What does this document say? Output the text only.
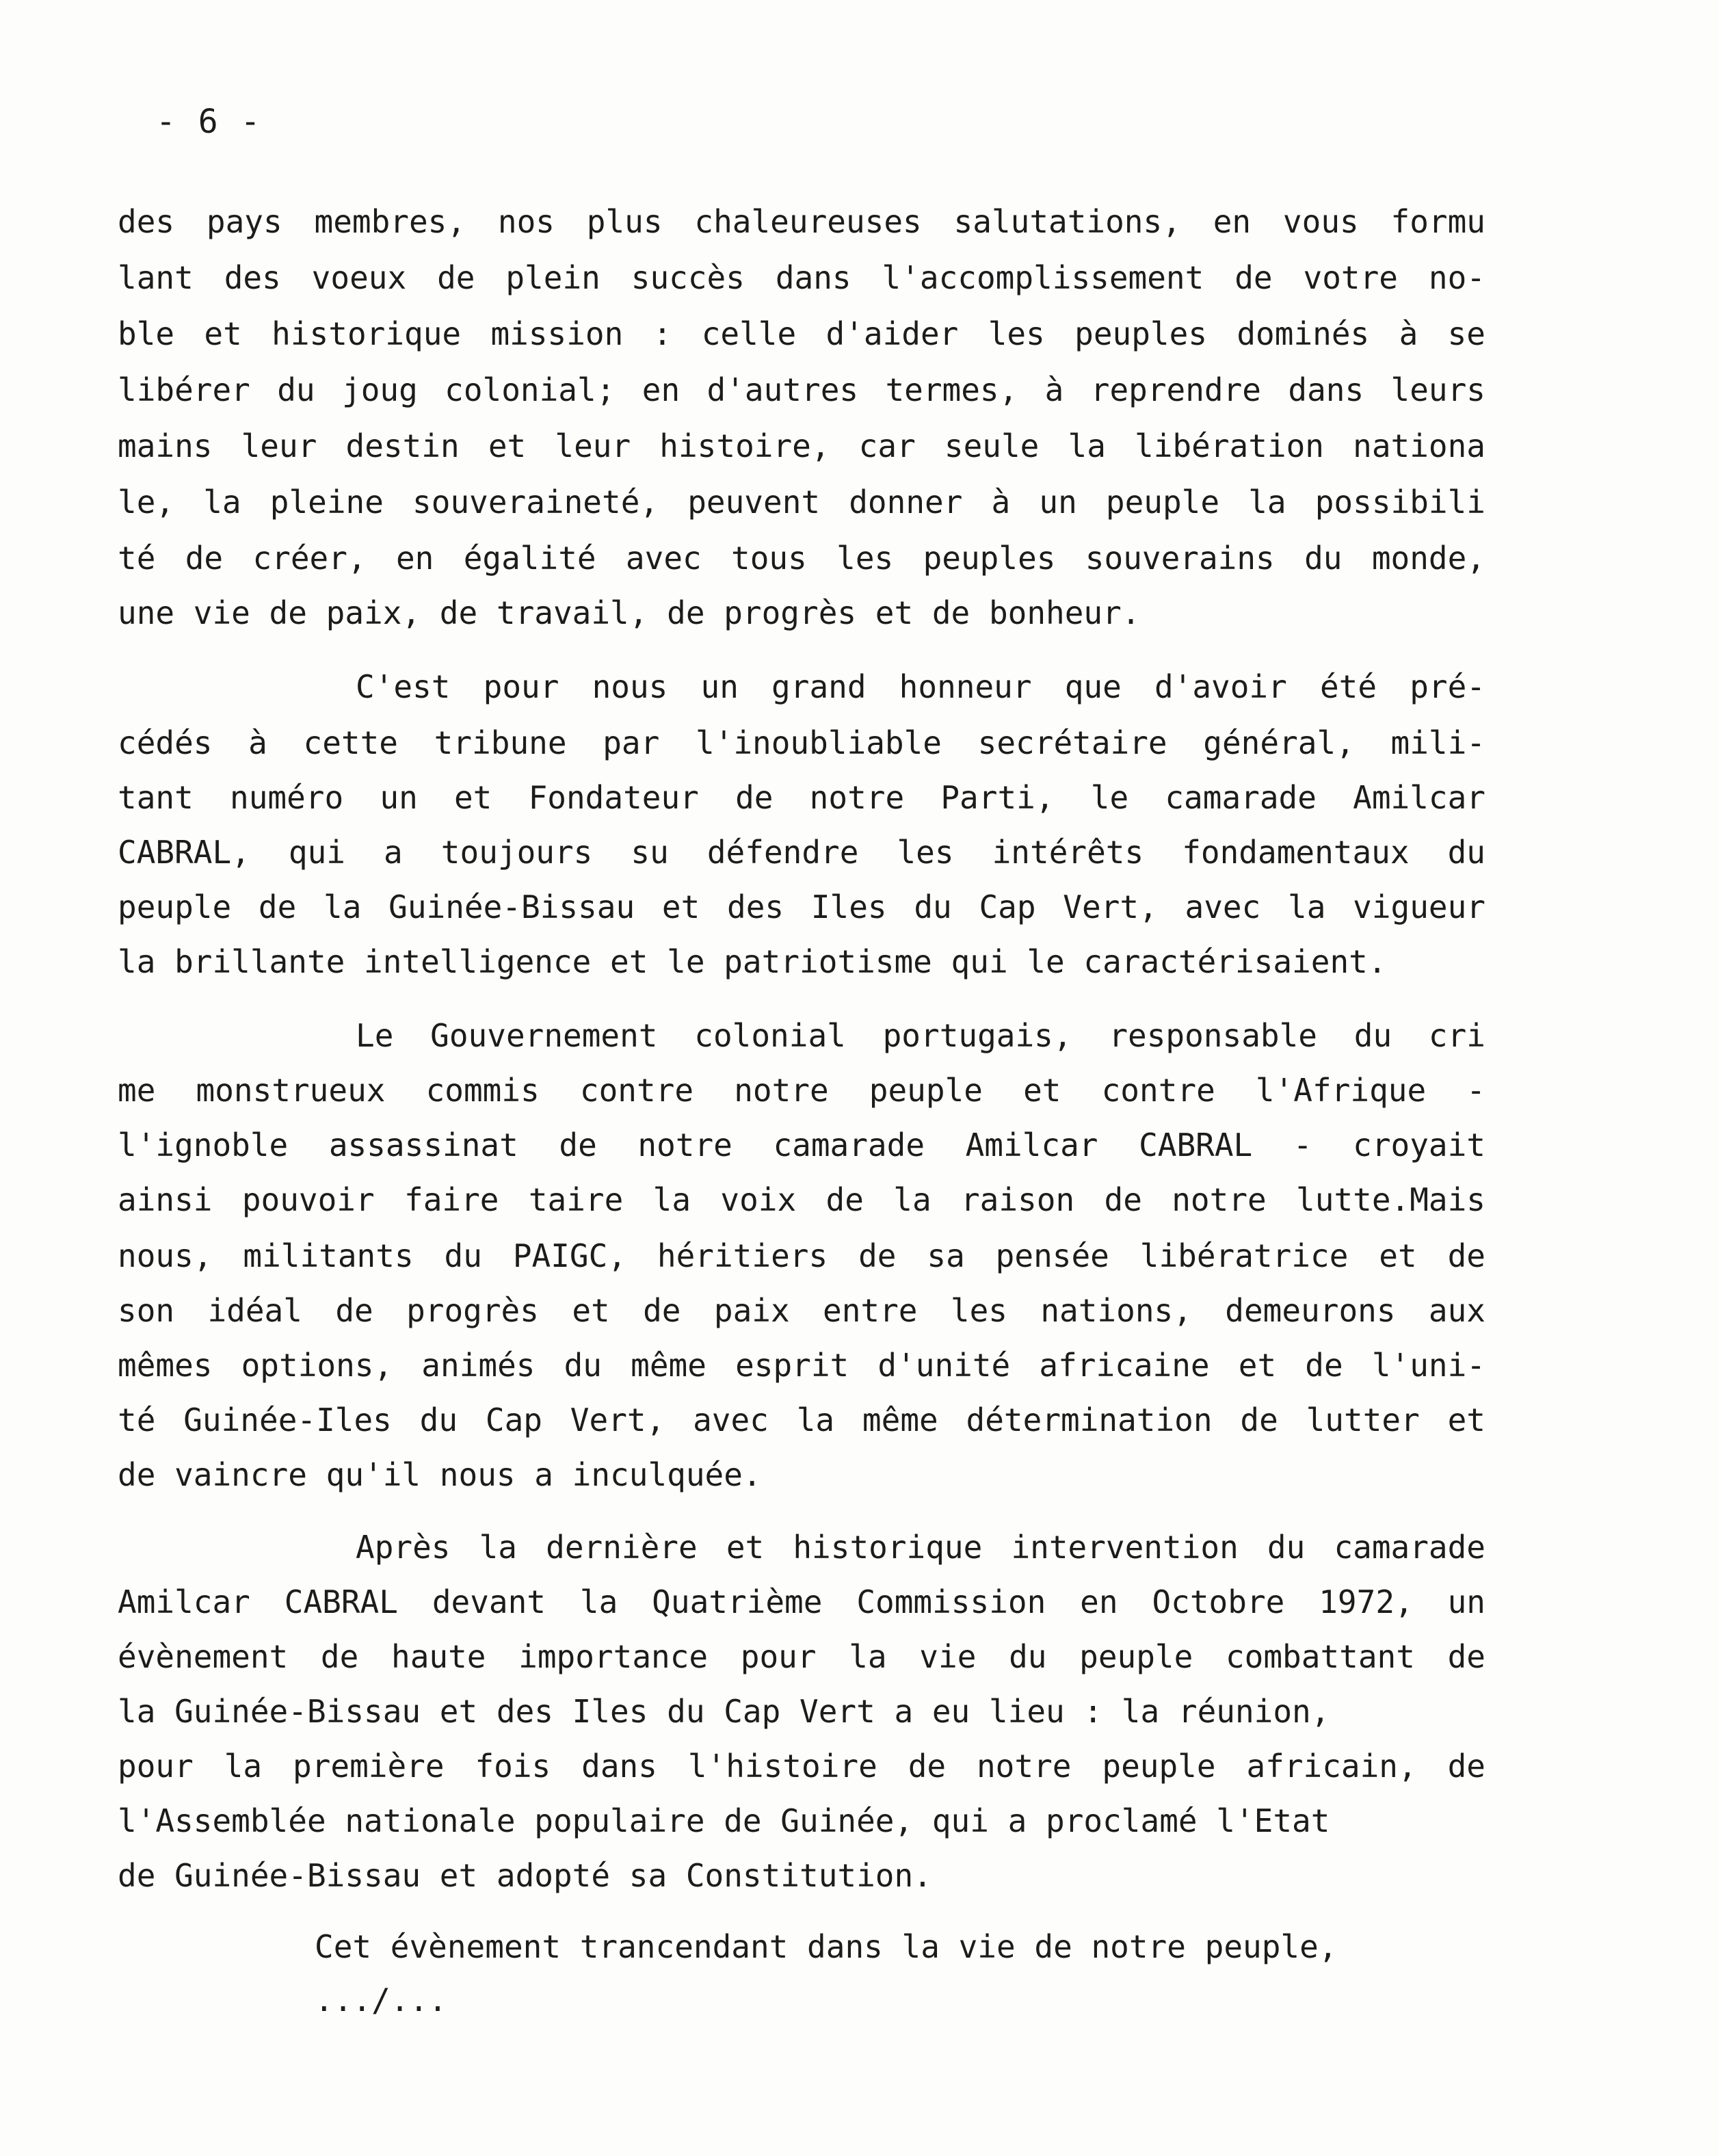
- 6 -
des pays membres, nos plus chaleureuses salutations, en vous formu
lant des voeux de plein succès dans l'accomplissement de votre no-
ble et historique mission : celle d'aider les peuples dominés à se
libérer du joug colonial; en d'autres termes, à reprendre dans leurs
mains leur destin et leur histoire, car seule la libération nationa
le, la pleine souveraineté, peuvent donner à un peuple la possibili
té de créer, en égalité avec tous les peuples souverains du monde,
une vie de paix, de travail, de progrès et de bonheur.
C'est pour nous un grand honneur que d'avoir été pré-
cédés à cette tribune par l'inoubliable secrétaire général, mili-
tant numéro un et Fondateur de notre Parti, le camarade Amilcar
CABRAL, qui a toujours su défendre les intérêts fondamentaux du
peuple de la Guinée-Bissau et des Iles du Cap Vert, avec la vigueur
la brillante intelligence et le patriotisme qui le caractérisaient.
Le Gouvernement colonial portugais, responsable du cri
me monstrueux commis contre notre peuple et contre l'Afrique -
l'ignoble assassinat de notre camarade Amilcar CABRAL - croyait
ainsi pouvoir faire taire la voix de la raison de notre lutte.Mais
nous, militants du PAIGC, héritiers de sa pensée libératrice et de
son idéal de progrès et de paix entre les nations, demeurons aux
mêmes options, animés du même esprit d'unité africaine et de l'uni-
té Guinée-Iles du Cap Vert, avec la même détermination de lutter et
de vaincre qu'il nous a inculquée.
Après la dernière et historique intervention du camarade
Amilcar CABRAL devant la Quatrième Commission en Octobre 1972, un
évènement de haute importance pour la vie du peuple combattant de
la Guinée-Bissau et des Iles du Cap Vert a eu lieu : la réunion,
pour la première fois dans l'histoire de notre peuple africain, de
l'Assemblée nationale populaire de Guinée, qui a proclamé l'Etat
de Guinée-Bissau et adopté sa Constitution.
Cet évènement trancendant dans la vie de notre peuple,
.../...
